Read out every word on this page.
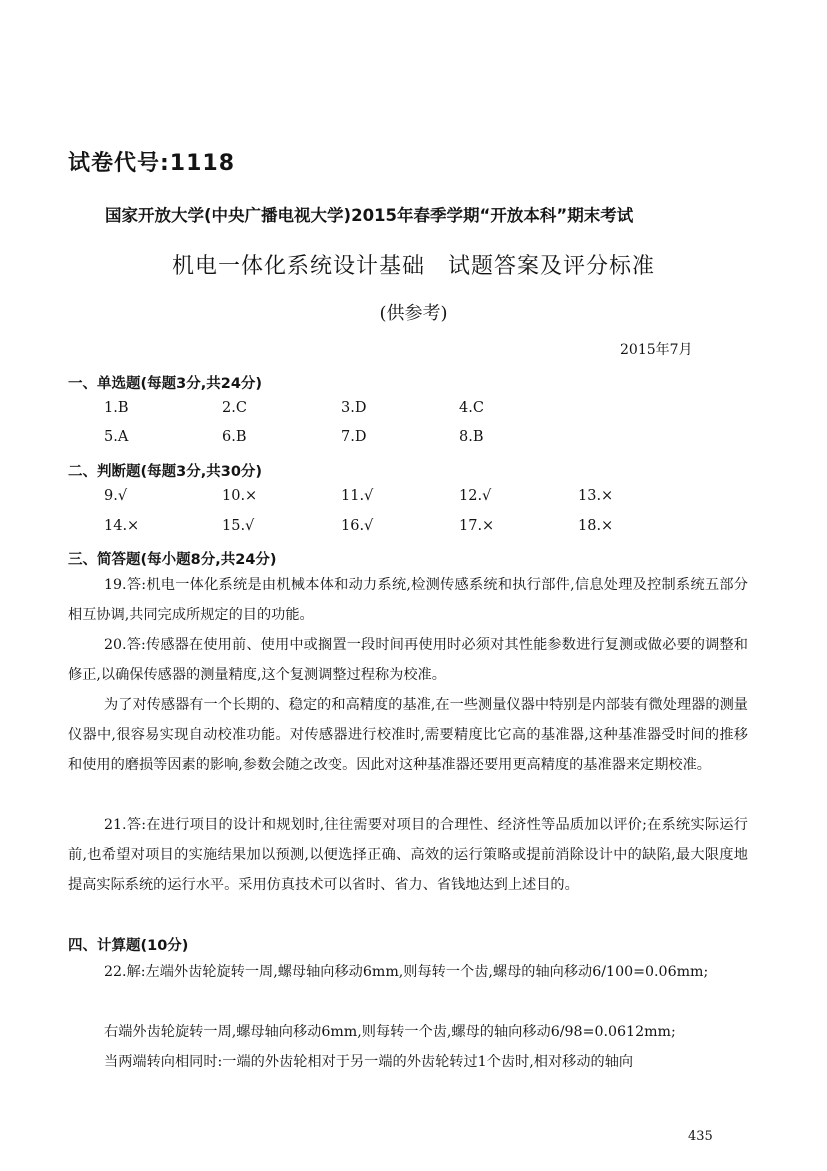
试卷代号:1118
国家开放大学(中央广播电视大学)2015年春季学期“开放本科”期末考试
机电一体化系统设计基础　试题答案及评分标准
(供参考)
2015年7月
一、单选题(每题3分,共24分)
1.B	2.C	3.D	4.C
5.A	6.B	7.D	8.B
二、判断题(每题3分,共30分)
9.√	10.×	11.√	12.√	13.×
14.×	15.√	16.√	17.×	18.×
三、简答题(每小题8分,共24分)
19.答:机电一体化系统是由机械本体和动力系统,检测传感系统和执行部件,信息处理及控制系统五部分相互协调,共同完成所规定的目的功能。
20.答:传感器在使用前、使用中或搁置一段时间再使用时必须对其性能参数进行复测或做必要的调整和修正,以确保传感器的测量精度,这个复测调整过程称为校准。
为了对传感器有一个长期的、稳定的和高精度的基准,在一些测量仪器中特别是内部装有微处理器的测量仪器中,很容易实现自动校准功能。对传感器进行校准时,需要精度比它高的基准器,这种基准器受时间的推移和使用的磨损等因素的影响,参数会随之改变。因此对这种基准器还要用更高精度的基准器来定期校准。
21.答:在进行项目的设计和规划时,往往需要对项目的合理性、经济性等品质加以评价;在系统实际运行前,也希望对项目的实施结果加以预测,以便选择正确、高效的运行策略或提前消除设计中的缺陷,最大限度地提高实际系统的运行水平。采用仿真技术可以省时、省力、省钱地达到上述目的。
四、计算题(10分)
22.解:左端外齿轮旋转一周,螺母轴向移动6mm,则每转一个齿,螺母的轴向移动6/100=0.06mm;
右端外齿轮旋转一周,螺母轴向移动6mm,则每转一个齿,螺母的轴向移动6/98=0.0612mm;
当两端转向相同时:一端的外齿轮相对于另一端的外齿轮转过1个齿时,相对移动的轴向
435
